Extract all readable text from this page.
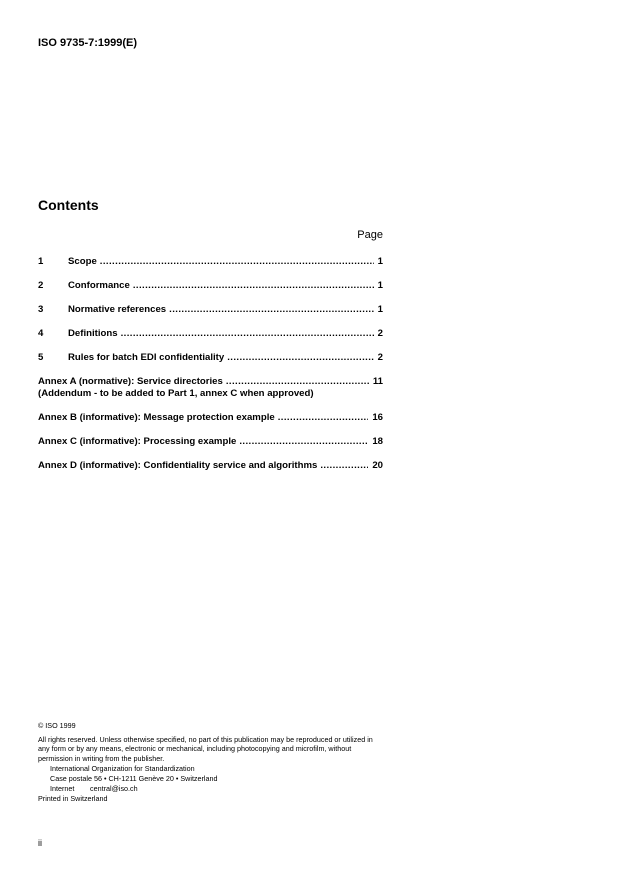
ISO 9735-7:1999(E)
Contents
Page
1	Scope .....	1
2	Conformance .....	1
3	Normative references .....	1
4	Definitions .....	2
5	Rules for batch EDI confidentiality .....	2
Annex A (normative): Service directories .....	11
(Addendum - to be added to Part 1, annex C when approved)
Annex B (informative): Message protection example .....	16
Annex C (informative): Processing example .....	18
Annex D (informative): Confidentiality service and algorithms .....	20
© ISO 1999
All rights reserved. Unless otherwise specified, no part of this publication may be reproduced or utilized in any form or by any means, electronic or mechanical, including photocopying and microfilm, without permission in writing from the publisher.
International Organization for Standardization
Case postale 56 • CH-1211 Genève 20 • Switzerland
Internet central@iso.ch
Printed in Switzerland
ii
